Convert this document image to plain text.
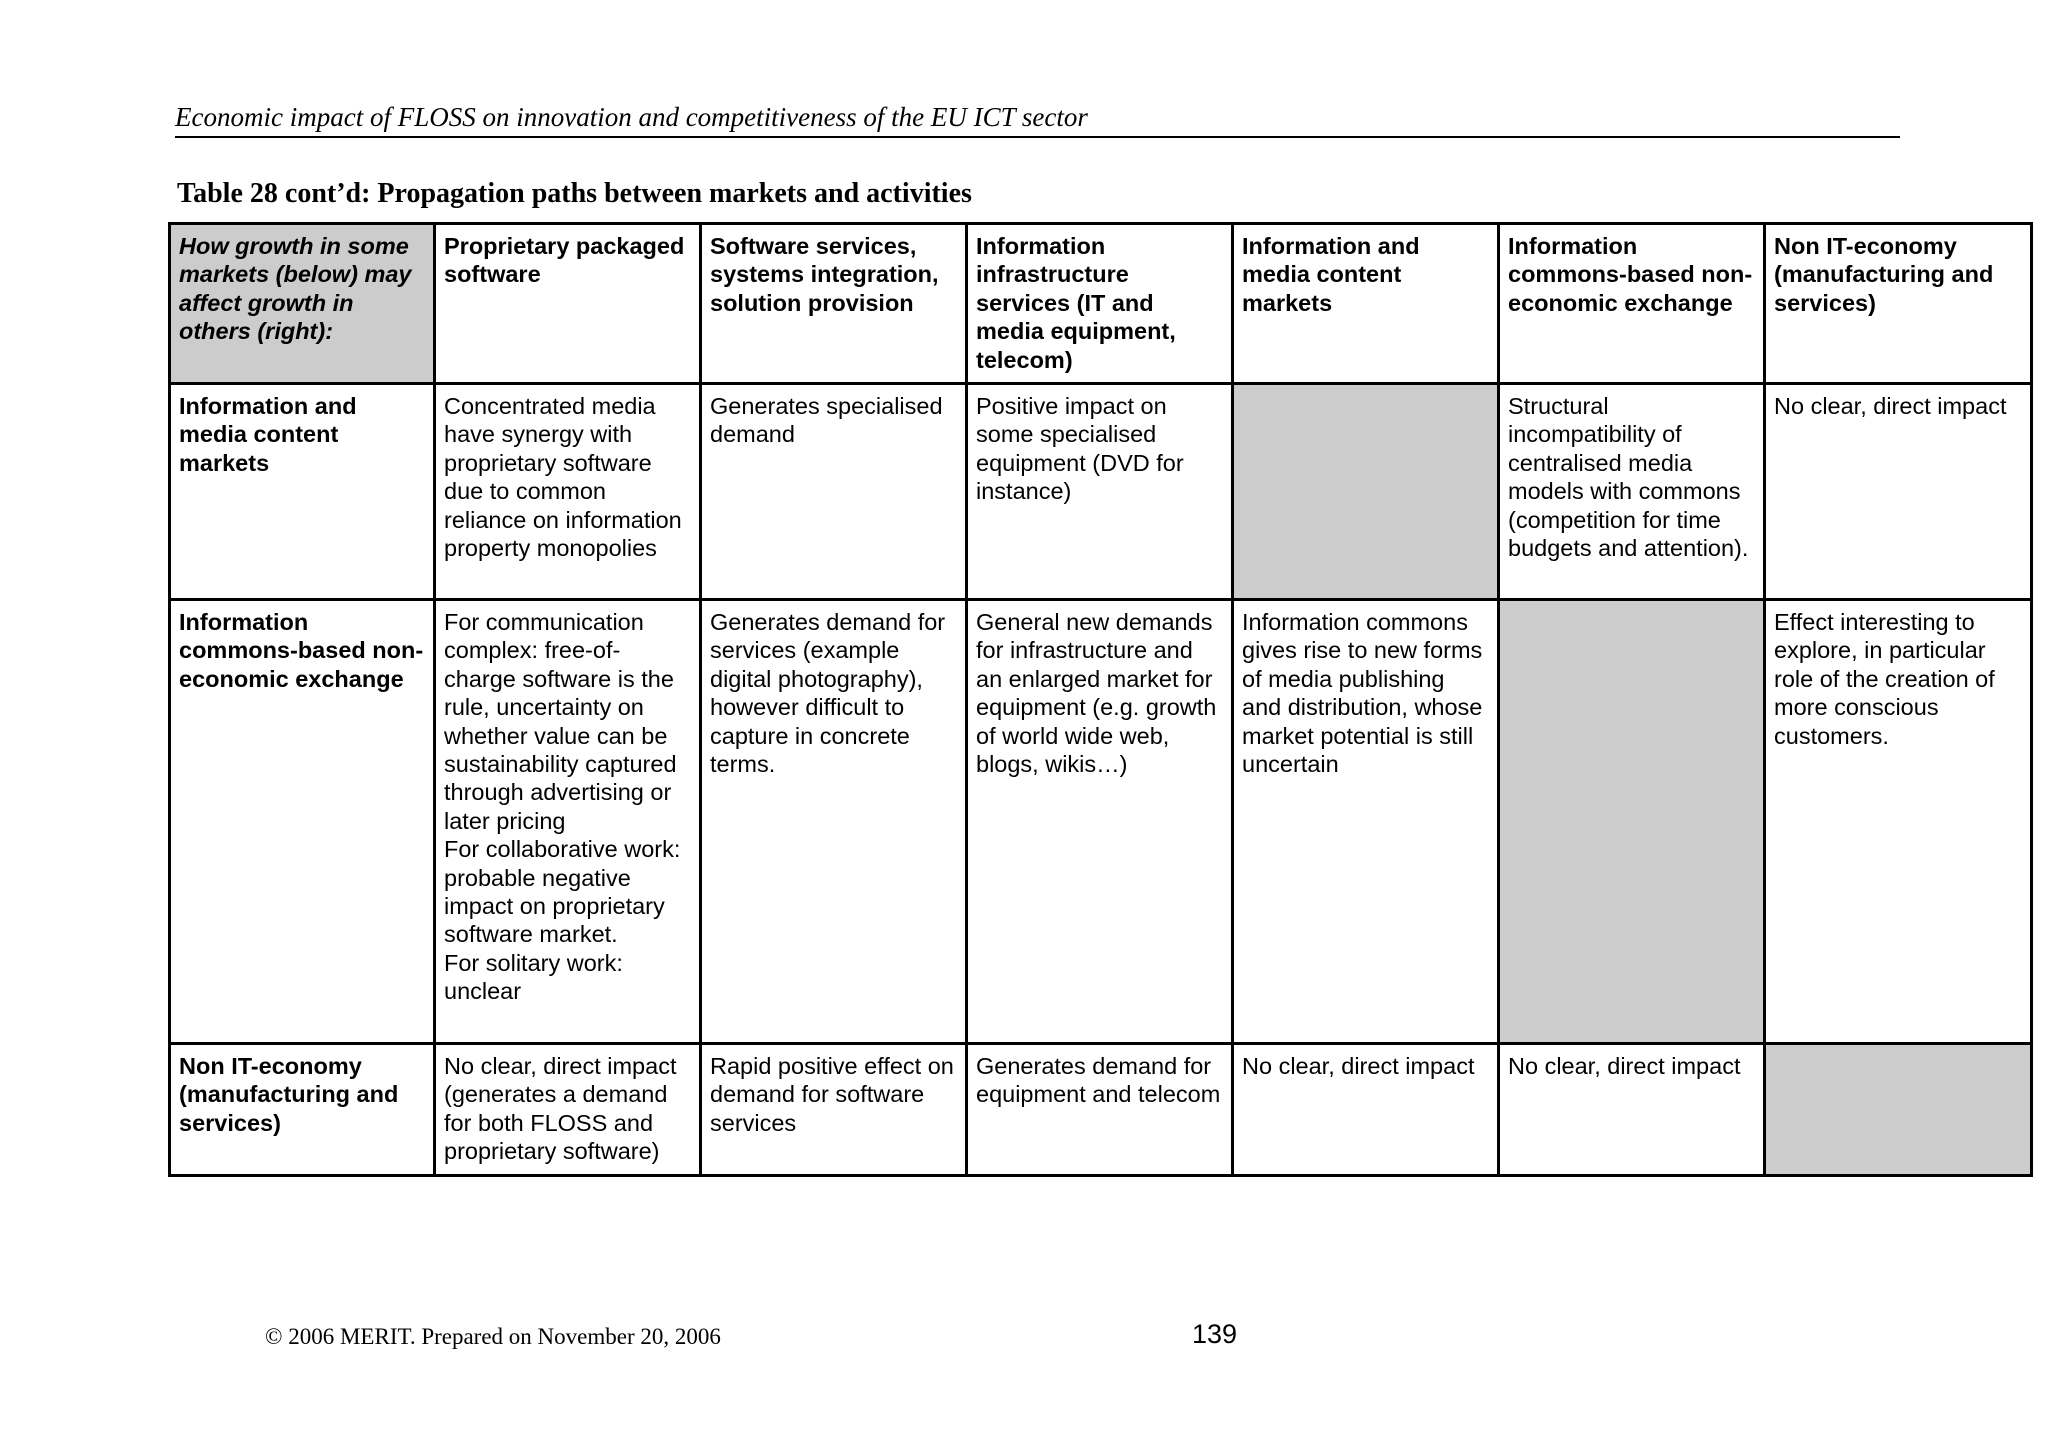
Economic impact of FLOSS on innovation and competitiveness of the EU ICT sector
Table 28 cont’d: Propagation paths between markets and activities
How growth in some markets (below) may affect growth in others (right):	Proprietary packaged software	Software services, systems integration, solution provision	Information infrastructure services (IT and media equipment, telecom)	Information and media content markets	Information commons-based non-economic exchange	Non IT-economy (manufacturing and services)
Information and media content markets	Concentrated media have synergy with proprietary software due to common reliance on information property monopolies	Generates specialised demand	Positive impact on some specialised equipment (DVD for instance)		Structural incompatibility of centralised media models with commons (competition for time budgets and attention).	No clear, direct impact
Information commons-based non-economic exchange	For communication complex: free-of-charge software is the rule, uncertainty on whether value can be sustainability captured through advertising or later pricing
For collaborative work: probable negative impact on proprietary software market.
For solitary work: unclear	Generates demand for services (example digital photography), however difficult to capture in concrete terms.	General new demands for infrastructure and an enlarged market for equipment (e.g. growth of world wide web, blogs, wikis…)	Information commons gives rise to new forms of media publishing and distribution, whose market potential is still uncertain		Effect interesting to explore, in particular role of the creation of more conscious customers.
Non IT-economy (manufacturing and services)	No clear, direct impact (generates a demand for both FLOSS and proprietary software)	Rapid positive effect on demand for software services	Generates demand for equipment and telecom	No clear, direct impact	No clear, direct impact	
© 2006 MERIT. Prepared on November 20, 2006	139
